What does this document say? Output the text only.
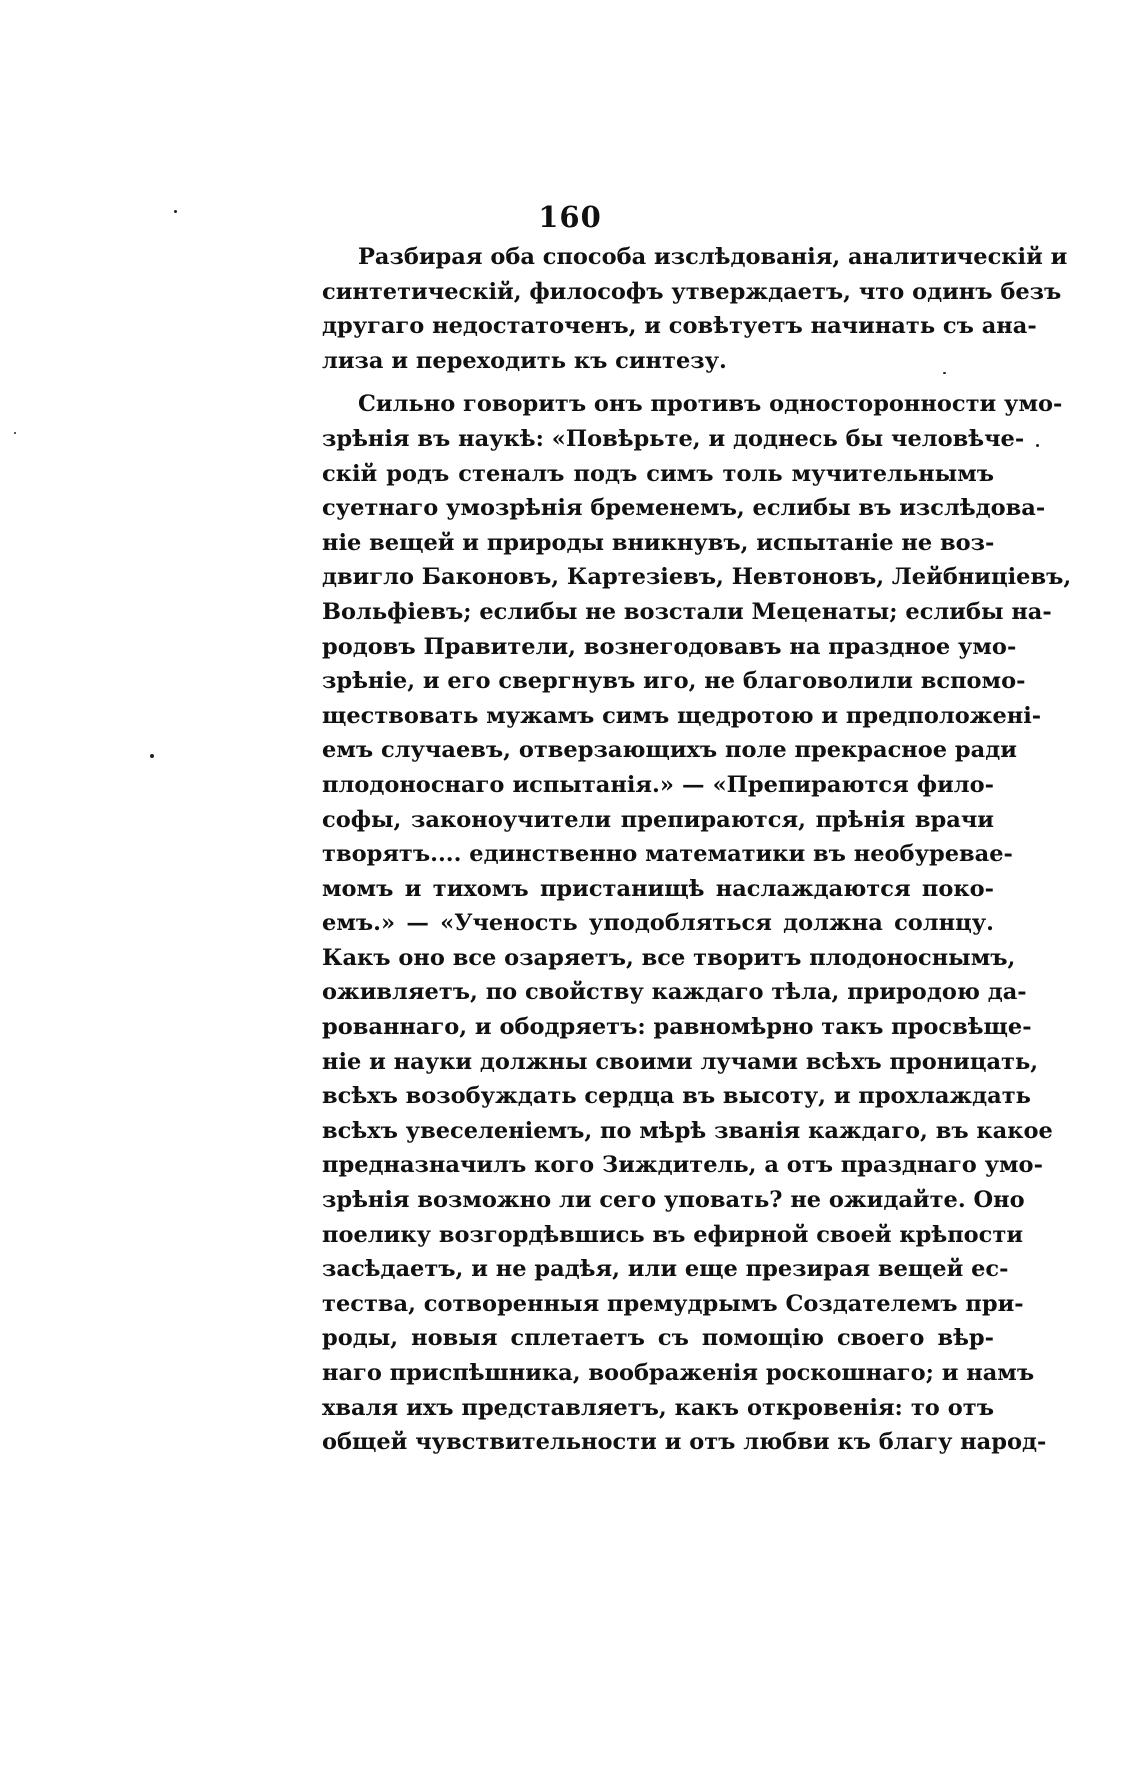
160
Разбирая оба способа изслѣдованія, аналитическій и
синтетическій, философъ утверждаетъ, что одинъ безъ
другаго недостаточенъ, и совѣтуетъ начинать съ ана-
лиза и переходить къ синтезу.
Сильно говоритъ онъ противъ односторонности умо-
зрѣнія въ наукѣ: «Повѣрьте, и доднесь бы человѣче-
скій родъ стеналъ подъ симъ толь мучительнымъ
суетнаго умозрѣнія бременемъ, еслибы въ изслѣдова-
ніе вещей и природы вникнувъ, испытаніе не воз-
двигло Баконовъ, Картезіевъ, Невтоновъ, Лейбницiевъ,
Вольфіевъ; еслибы не возстали Меценаты; еслибы на-
родовъ Правители, вознегодовавъ на праздное умо-
зрѣніе, и его свергнувъ иго, не благоволили вспомо-
ществовать мужамъ симъ щедротою и предположені-
емъ случаевъ, отверзающихъ поле прекрасное ради
плодоноснаго испытанія.» — «Препираются фило-
софы, законоучители препираются, прѣнія врачи
творятъ.... единственно математики въ необуреваe-
момъ и тихомъ пристанищѣ наслаждаются поко-
емъ.» — «Ученость уподобляться должна солнцу.
Какъ оно все озаряетъ, все творитъ плодоноснымъ,
оживляетъ, по свойству каждаго тѣла, природою да-
рованнаго, и ободряетъ: равномѣрно такъ просвѣще-
ніе и науки должны своими лучами всѣхъ проницать,
всѣхъ возобуждать сердца въ высоту, и прохлаждать
всѣхъ увеселеніемъ, по мѣрѣ званія каждаго, въ какое
предназначилъ кого Зиждитель, а отъ празднаго умо-
зрѣнія возможно ли сего уповать? не ожидайте. Оно
поелику возгордѣвшись въ ефирной своей крѣпости
засѣдаетъ, и не радѣя, или еще презирая вещей ес-
тества, сотворенныя премудрымъ Создателемъ при-
роды, новыя сплетаетъ съ помощію своего вѣр-
наго приспѣшника, воображенія роскошнаго; и намъ
хваля ихъ представляетъ, какъ откровенія: то отъ
общей чувствительности и отъ любви къ благу народ-
